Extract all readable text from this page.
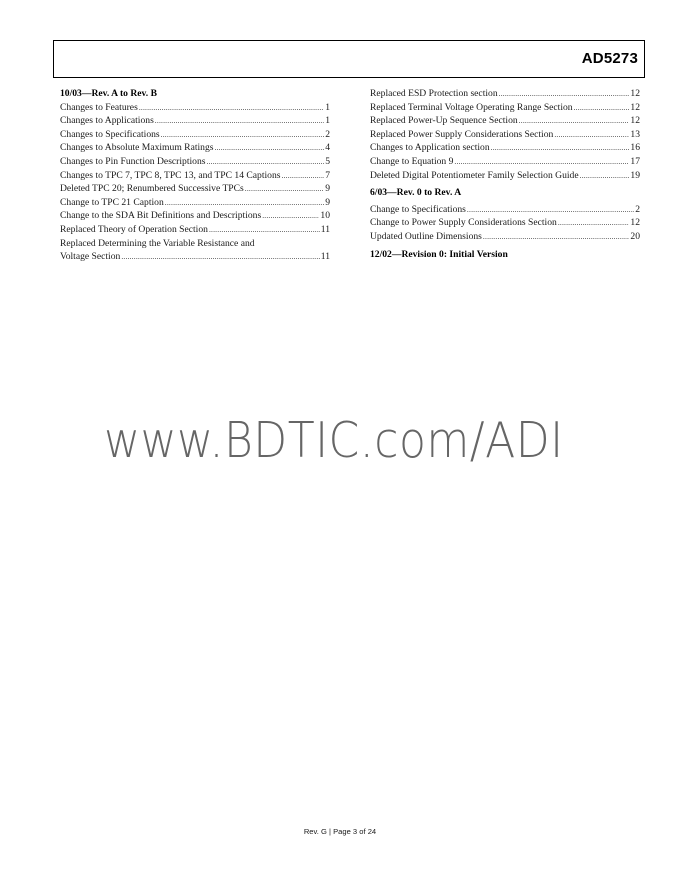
AD5273
10/03—Rev. A to Rev. B
Changes to Features .....	1
Changes to Applications .....	1
Changes to Specifications .....	2
Changes to Absolute Maximum Ratings .....	4
Changes to Pin Function Descriptions .....	5
Changes to TPC 7, TPC 8, TPC 13, and TPC 14 Captions .....	7
Deleted TPC 20; Renumbered Successive TPCs .....	9
Change to TPC 21 Caption .....	9
Change to the SDA Bit Definitions and Descriptions .....	10
Replaced Theory of Operation Section .....	11
Replaced Determining the Variable Resistance and
Voltage Section .....	11
Replaced ESD Protection section .....	12
Replaced Terminal Voltage Operating Range Section .....	12
Replaced Power-Up Sequence Section .....	12
Replaced Power Supply Considerations Section .....	13
Changes to Application section .....	16
Change to Equation 9 .....	17
Deleted Digital Potentiometer Family Selection Guide .....	19
6/03—Rev. 0 to Rev. A
Change to Specifications .....	2
Change to Power Supply Considerations Section .....	12
Updated Outline Dimensions .....	20
12/02—Revision 0: Initial Version
www.BDTIC.com/ADI
Rev. G | Page 3 of 24
